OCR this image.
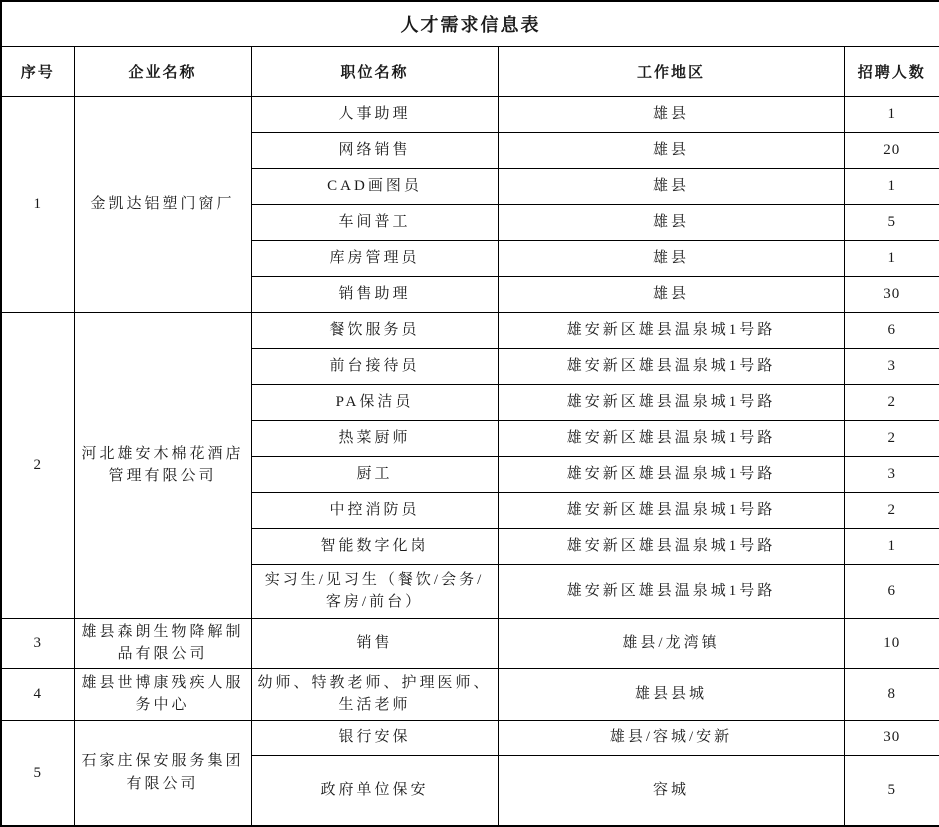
人才需求信息表				
序号	企业名称	职位名称	工作地区	招聘人数
1	金凯达铝塑门窗厂	人事助理	雄县	1
		网络销售	雄县	20
		CAD画图员	雄县	1
		车间普工	雄县	5
		库房管理员	雄县	1
		销售助理	雄县	30
2	河北雄安木棉花酒店管理有限公司	餐饮服务员	雄安新区雄县温泉城1号路	6
		前台接待员	雄安新区雄县温泉城1号路	3
		PA保洁员	雄安新区雄县温泉城1号路	2
		热菜厨师	雄安新区雄县温泉城1号路	2
		厨工	雄安新区雄县温泉城1号路	3
		中控消防员	雄安新区雄县温泉城1号路	2
		智能数字化岗	雄安新区雄县温泉城1号路	1
		实习生/见习生（餐饮/会务/客房/前台）	雄安新区雄县温泉城1号路	6
3	雄县森朗生物降解制品有限公司	销售	雄县/龙湾镇	10
4	雄县世博康残疾人服务中心	幼师、特教老师、护理医师、生活老师	雄县县城	8
5	石家庄保安服务集团有限公司	银行安保	雄县/容城/安新	30
		政府单位保安	容城	5
